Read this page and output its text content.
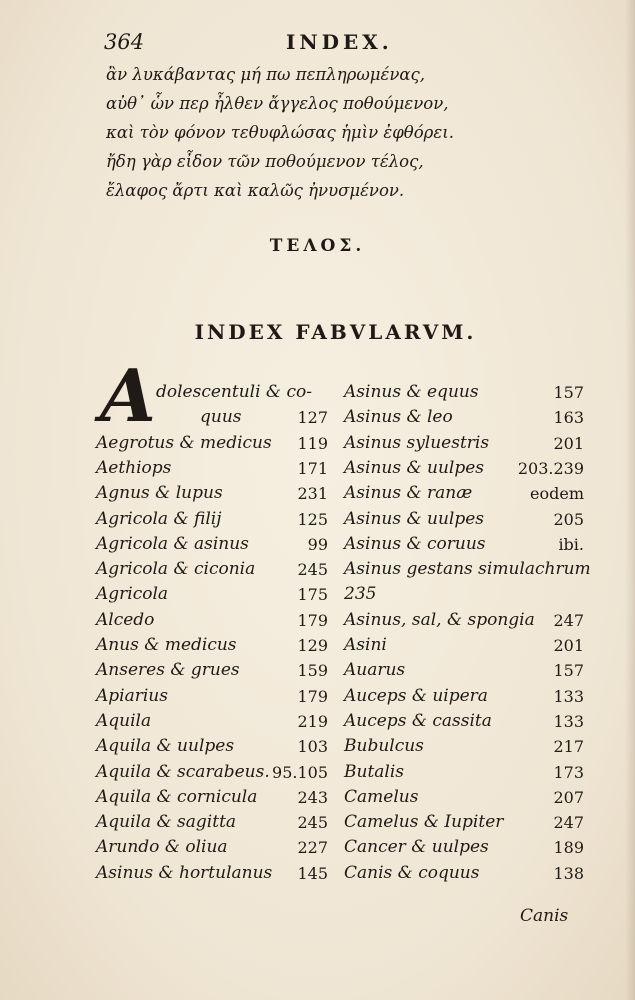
364	INDEX.
ἂν λυκάβαντας μή πω πεπληρωμένας,
αὐθ᾽ ὧν περ ἦλθεν ἄγγελος ποθούμενον,
καὶ τὸν φόνον τεθυφλώσας ἡμὶν ἐφθόρει.
ἤδη γὰρ εἶδον τῶν ποθούμενον τέλος,
ἔλαφος ἄρτι καὶ καλῶς ἠνυσμένον.
ΤΕΛΟΣ.
INDEX FABVLARVM.
A dolescentuli & co-
quus	127
Aegrotus & medicus 119
Aethiops	171
Agnus & lupus	231
Agricola & filij	125
Agricola & asinus	99
Agricola & ciconia	245
Agricola	175
Alcedo	179
Anus & medicus	129
Anseres & grues	159
Apiarius	179
Aquila	219
Aquila & uulpes	103
Aquila & scarabeus. 95.105
Aquila & cornicula	243
Aquila & sagitta	245
Arundo & oliua	227
Asinus & hortulanus 145
Asinus & equus	157
Asinus & leo	163
Asinus syluestris	201
Asinus & uulpes 203.239
Asinus & ranæ	eodem
Asinus & uulpes	205
Asinus & coruus	ibi.
Asinus gestans simulachrum
235
Asinus, sal, & spongia 247
Asini	201
Auarus	157
Auceps & uipera	133
Auceps & cassita	133
Bubulcus	217
Butalis	173
Camelus	207
Camelus & Iupiter	247
Cancer & uulpes	189
Canis & coquus	138
Canis
